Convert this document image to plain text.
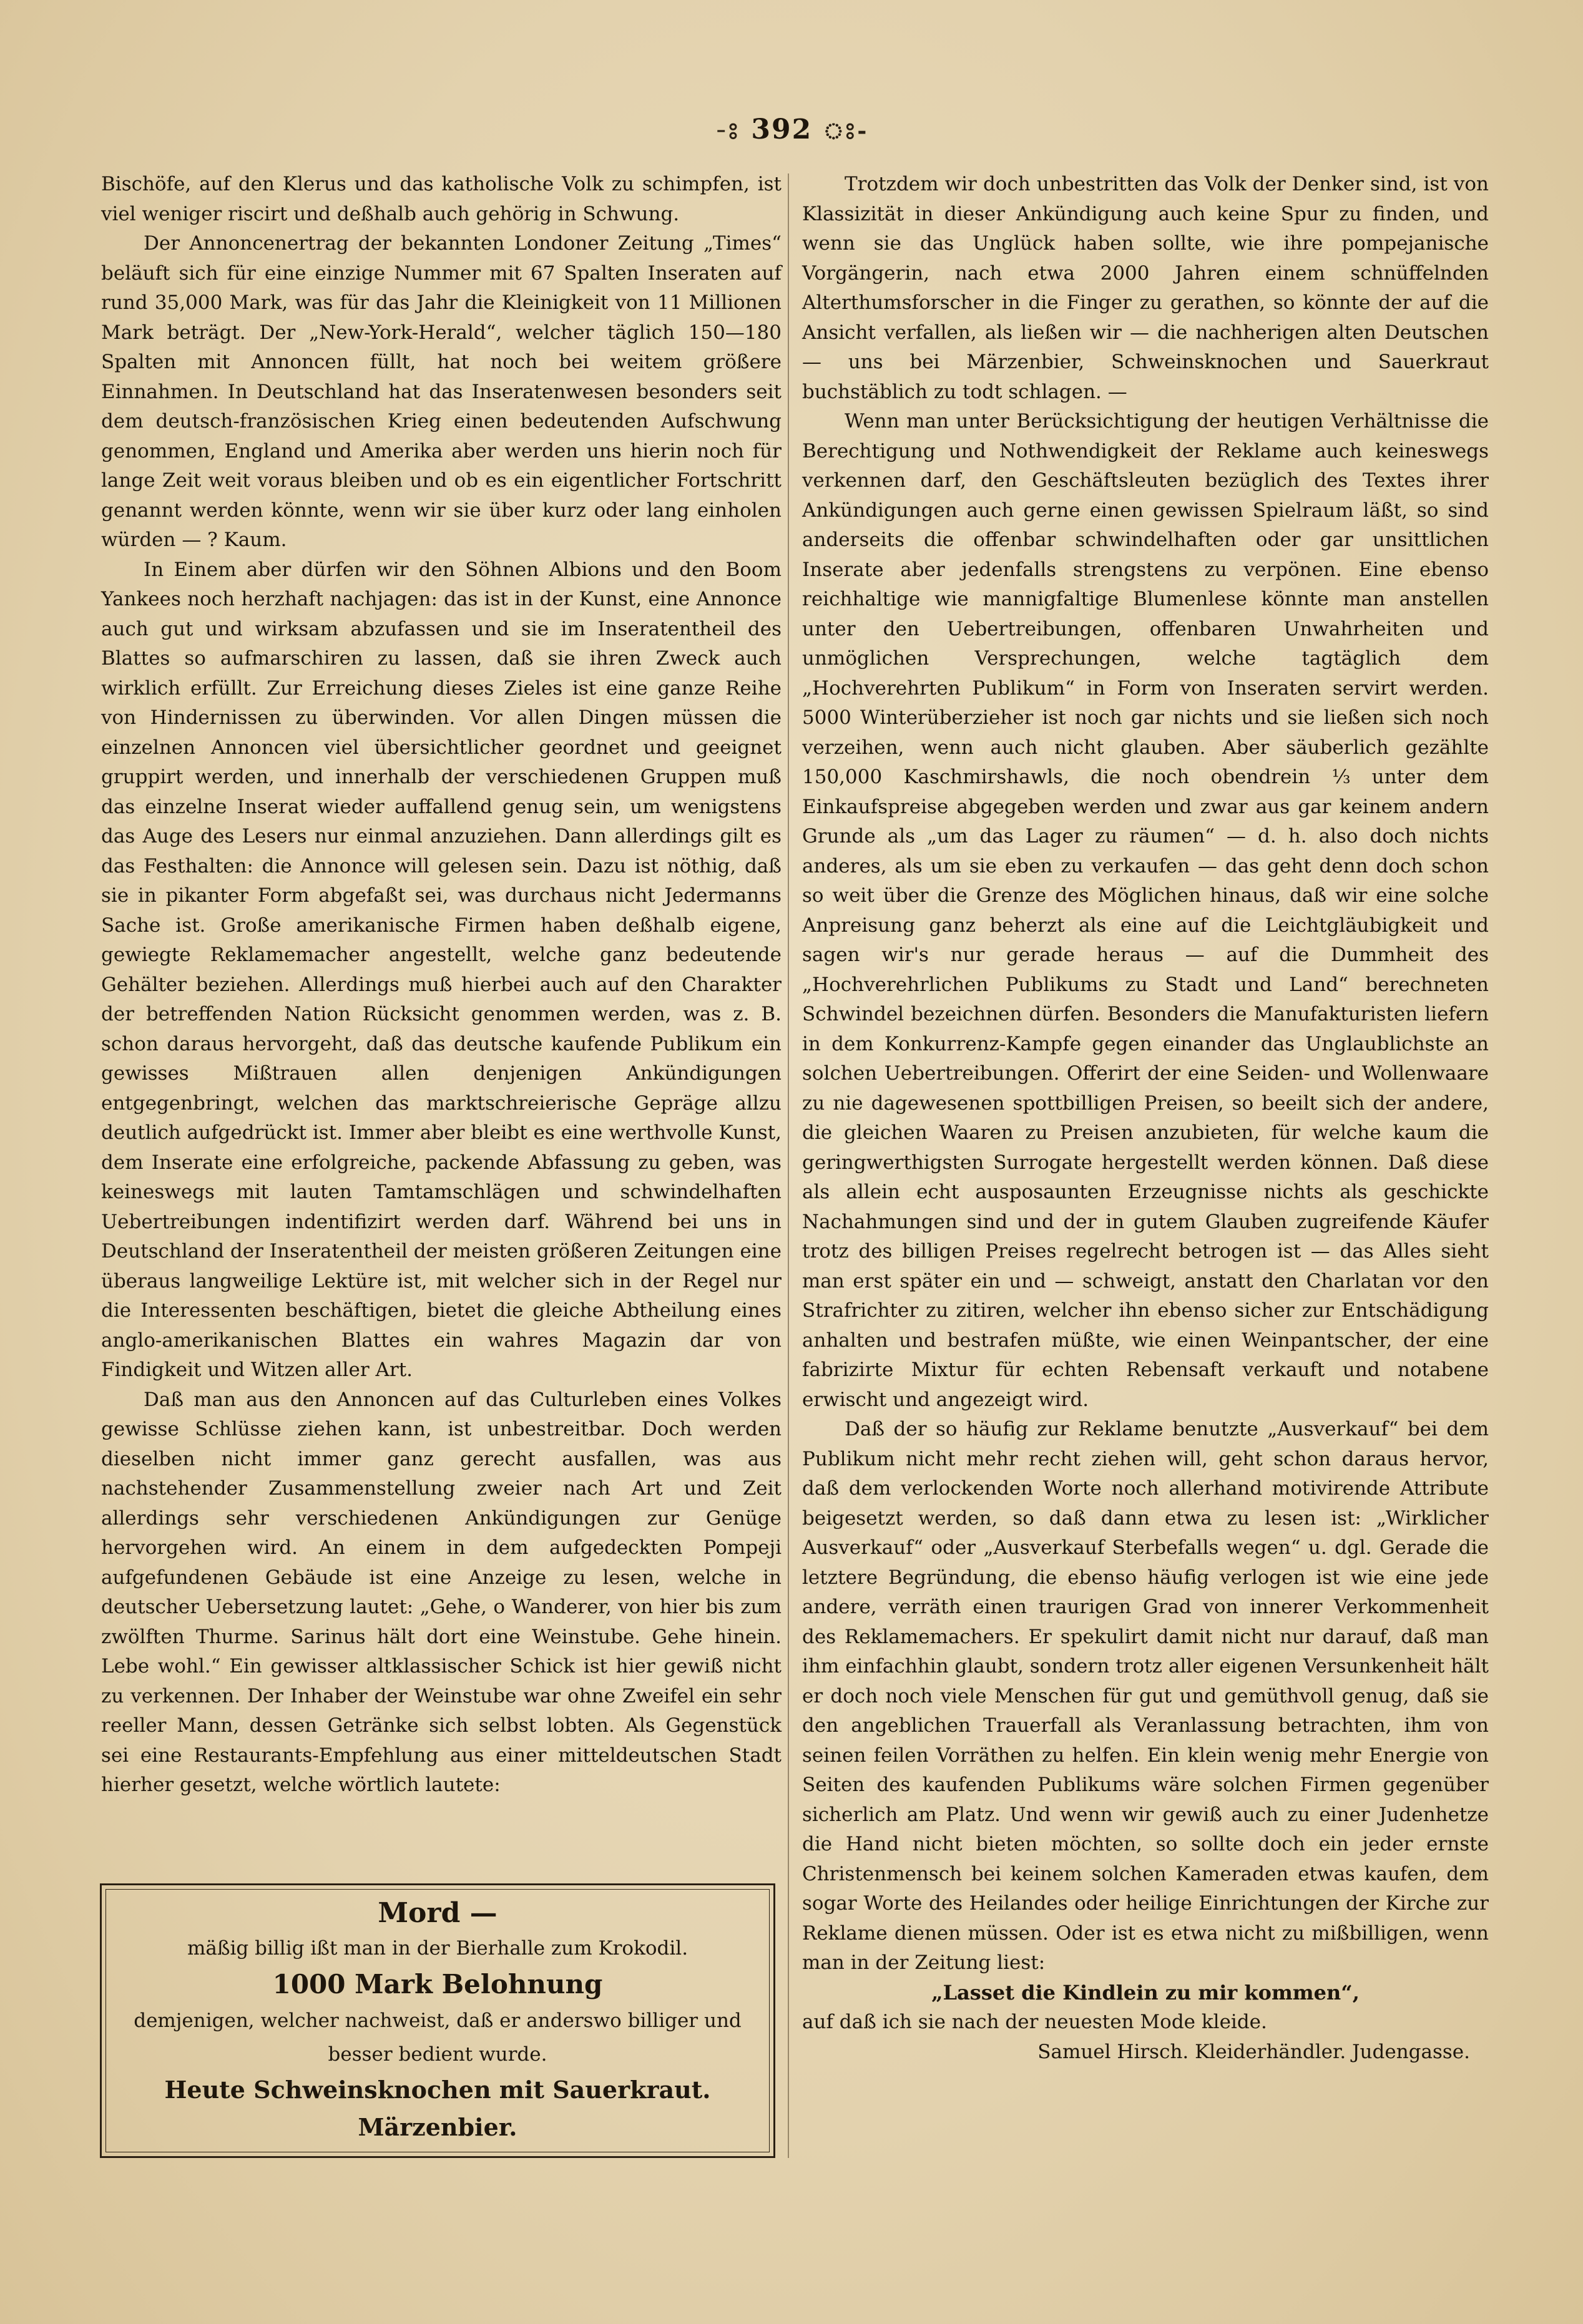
-ঃ 392 ঃ-

Bischöfe, auf den Klerus und das katholische Volk zu schimpfen, ist viel weniger riscirt und deßhalb auch gehörig in Schwung.

Der Annoncenertrag der bekannten Londoner Zeitung „Times“ beläuft sich für eine einzige Nummer mit 67 Spalten Inseraten auf rund 35,000 Mark, was für das Jahr die Kleinigkeit von 11 Millionen Mark beträgt. Der „New-York-Herald“, welcher täglich 150—180 Spalten mit Annoncen füllt, hat noch bei weitem größere Einnahmen. In Deutschland hat das Inseratenwesen besonders seit dem deutsch-französischen Krieg einen bedeutenden Aufschwung genommen, England und Amerika aber werden uns hierin noch für lange Zeit weit voraus bleiben und ob es ein eigentlicher Fortschritt genannt werden könnte, wenn wir sie über kurz oder lang einholen würden — ? Kaum.

In Einem aber dürfen wir den Söhnen Albions und den Boom Yankees noch herzhaft nachjagen: das ist in der Kunst, eine Annonce auch gut und wirksam abzufassen und sie im Inseratentheil des Blattes so aufmarschiren zu lassen, daß sie ihren Zweck auch wirklich erfüllt. Zur Erreichung dieses Zieles ist eine ganze Reihe von Hindernissen zu überwinden. Vor allen Dingen müssen die einzelnen Annoncen viel übersichtlicher geordnet und geeignet gruppirt werden, und innerhalb der verschiedenen Gruppen muß das einzelne Inserat wieder auffallend genug sein, um wenigstens das Auge des Lesers nur einmal anzuziehen. Dann allerdings gilt es das Festhalten: die Annonce will gelesen sein. Dazu ist nöthig, daß sie in pikanter Form abgefaßt sei, was durchaus nicht Jedermanns Sache ist. Große amerikanische Firmen haben deßhalb eigene, gewiegte Reklamemacher angestellt, welche ganz bedeutende Gehälter beziehen. Allerdings muß hierbei auch auf den Charakter der betreffenden Nation Rücksicht genommen werden, was z. B. schon daraus hervorgeht, daß das deutsche kaufende Publikum ein gewisses Mißtrauen allen denjenigen Ankündigungen entgegenbringt, welchen das marktschreierische Gepräge allzu deutlich aufgedrückt ist. Immer aber bleibt es eine werthvolle Kunst, dem Inserate eine erfolgreiche, packende Abfassung zu geben, was keineswegs mit lauten Tamtamschlägen und schwindelhaften Uebertreibungen indentifizirt werden darf. Während bei uns in Deutschland der Inseratentheil der meisten größeren Zeitungen eine überaus langweilige Lektüre ist, mit welcher sich in der Regel nur die Interessenten beschäftigen, bietet die gleiche Abtheilung eines anglo-amerikanischen Blattes ein wahres Magazin dar von Findigkeit und Witzen aller Art.

Daß man aus den Annoncen auf das Culturleben eines Volkes gewisse Schlüsse ziehen kann, ist unbestreitbar. Doch werden dieselben nicht immer ganz gerecht ausfallen, was aus nachstehender Zusammenstellung zweier nach Art und Zeit allerdings sehr verschiedenen Ankündigungen zur Genüge hervorgehen wird. An einem in dem aufgedeckten Pompeji aufgefundenen Gebäude ist eine Anzeige zu lesen, welche in deutscher Uebersetzung lautet: „Gehe, o Wanderer, von hier bis zum zwölften Thurme. Sarinus hält dort eine Weinstube. Gehe hinein. Lebe wohl.“ Ein gewisser altklassischer Schick ist hier gewiß nicht zu verkennen. Der Inhaber der Weinstube war ohne Zweifel ein sehr reeller Mann, dessen Getränke sich selbst lobten. Als Gegenstück sei eine Restaurants-Empfehlung aus einer mitteldeutschen Stadt hierher gesetzt, welche wörtlich lautete:

Mord —
mäßig billig ißt man in der Bierhalle zum Krokodil.
1000 Mark Belohnung
demjenigen, welcher nachweist, daß er anderswo billiger und
besser bedient wurde.
Heute Schweinsknochen mit Sauerkraut.
Märzenbier.

Trotzdem wir doch unbestritten das Volk der Denker sind, ist von Klassizität in dieser Ankündigung auch keine Spur zu finden, und wenn sie das Unglück haben sollte, wie ihre pompejanische Vorgängerin, nach etwa 2000 Jahren einem schnüffelnden Alterthumsforscher in die Finger zu gerathen, so könnte der auf die Ansicht verfallen, als ließen wir — die nachherigen alten Deutschen — uns bei Märzenbier, Schweinsknochen und Sauerkraut buchstäblich zu todt schlagen. —

Wenn man unter Berücksichtigung der heutigen Verhältnisse die Berechtigung und Nothwendigkeit der Reklame auch keineswegs verkennen darf, den Geschäftsleuten bezüglich des Textes ihrer Ankündigungen auch gerne einen gewissen Spielraum läßt, so sind anderseits die offenbar schwindelhaften oder gar unsittlichen Inserate aber jedenfalls strengstens zu verpönen. Eine ebenso reichhaltige wie mannigfaltige Blumenlese könnte man anstellen unter den Uebertreibungen, offenbaren Unwahrheiten und unmöglichen Versprechungen, welche tagtäglich dem „Hochverehrten Publikum“ in Form von Inseraten servirt werden. 5000 Winterüberzieher ist noch gar nichts und sie ließen sich noch verzeihen, wenn auch nicht glauben. Aber säuberlich gezählte 150,000 Kaschmirshawls, die noch obendrein ⅓ unter dem Einkaufspreise abgegeben werden und zwar aus gar keinem andern Grunde als „um das Lager zu räumen“ — d. h. also doch nichts anderes, als um sie eben zu verkaufen — das geht denn doch schon so weit über die Grenze des Möglichen hinaus, daß wir eine solche Anpreisung ganz beherzt als eine auf die Leichtgläubigkeit und sagen wir's nur gerade heraus — auf die Dummheit des „Hochverehrlichen Publikums zu Stadt und Land“ berechneten Schwindel bezeichnen dürfen. Besonders die Manufakturisten liefern in dem Konkurrenz-Kampfe gegen einander das Unglaublichste an solchen Uebertreibungen. Offerirt der eine Seiden- und Wollenwaare zu nie dagewesenen spottbilligen Preisen, so beeilt sich der andere, die gleichen Waaren zu Preisen anzubieten, für welche kaum die geringwerthigsten Surrogate hergestellt werden können. Daß diese als allein echt ausposaunten Erzeugnisse nichts als geschickte Nachahmungen sind und der in gutem Glauben zugreifende Käufer trotz des billigen Preises regelrecht betrogen ist — das Alles sieht man erst später ein und — schweigt, anstatt den Charlatan vor den Strafrichter zu zitiren, welcher ihn ebenso sicher zur Entschädigung anhalten und bestrafen müßte, wie einen Weinpantscher, der eine fabrizirte Mixtur für echten Rebensaft verkauft und notabene erwischt und angezeigt wird.

Daß der so häufig zur Reklame benutzte „Ausverkauf“ bei dem Publikum nicht mehr recht ziehen will, geht schon daraus hervor, daß dem verlockenden Worte noch allerhand motivirende Attribute beigesetzt werden, so daß dann etwa zu lesen ist: „Wirklicher Ausverkauf“ oder „Ausverkauf Sterbefalls wegen“ u. dgl. Gerade die letztere Begründung, die ebenso häufig verlogen ist wie eine jede andere, verräth einen traurigen Grad von innerer Verkommenheit des Reklamemachers. Er spekulirt damit nicht nur darauf, daß man ihm einfachhin glaubt, sondern trotz aller eigenen Versunkenheit hält er doch noch viele Menschen für gut und gemüthvoll genug, daß sie den angeblichen Trauerfall als Veranlassung betrachten, ihm von seinen feilen Vorräthen zu helfen. Ein klein wenig mehr Energie von Seiten des kaufenden Publikums wäre solchen Firmen gegenüber sicherlich am Platz. Und wenn wir gewiß auch zu einer Judenhetze die Hand nicht bieten möchten, so sollte doch ein jeder ernste Christenmensch bei keinem solchen Kameraden etwas kaufen, dem sogar Worte des Heilandes oder heilige Einrichtungen der Kirche zur Reklame dienen müssen. Oder ist es etwa nicht zu mißbilligen, wenn man in der Zeitung liest:

„Lasset die Kindlein zu mir kommen“,

auf daß ich sie nach der neuesten Mode kleide.

Samuel Hirsch. Kleiderhändler. Judengasse.
